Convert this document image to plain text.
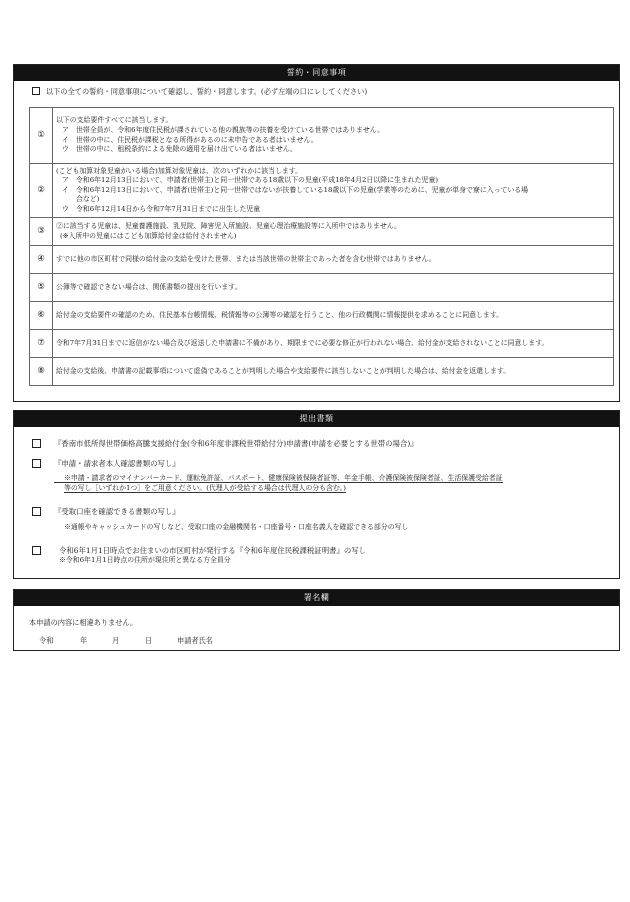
誓約・同意事項
以下の全ての誓約・同意事項について確認し、誓約・同意します。(必ず左端の口にレしてください)
①	以下の支給要件すべてに該当します。
ア 世帯全員が、令和6年度住民税が課されている他の親族等の扶養を受けている世帯ではありません。
イ 世帯の中に、住民税が課税となる所得があるのに未申告である者はいません。
ウ 世帯の中に、租税条約による免除の適用を届け出ている者はいません。

②	(こども加算対象児童がいる場合)加算対象児童は、次のいずれかに該当します。
ア 令和6年12月13日において、申請者(世帯主)と同一世帯である18歳以下の児童(平成18年4月2日以降に生まれた児童)
イ 令和6年12月13日において、申請者(世帯主)と同一世帯ではないが扶養している18歳以下の児童(学業等のために、児童が単身で寮に入っている場
合など)
ウ 令和6年12月14日から令和7年7月31日までに出生した児童

③	②に該当する児童は、児童養護施設、乳児院、障害児入所施設、児童心理治療施設等に入所中ではありません。
(※入所中の児童にはこども加算給付金は給付されません)
④	すでに他の市区町村で同様の給付金の支給を受けた世帯、または当該世帯の世帯主であった者を含む世帯ではありません。
⑤	公簿等で確認できない場合は、関係書類の提出を行います。
⑥	給付金の支給要件の確認のため、住民基本台帳情報、税情報等の公簿等の確認を行うこと、他の行政機関に情報提供を求めることに同意します。
⑦	令和7年7月31日までに返信がない場合及び返送した申請書に不備があり、期限までに必要な修正が行われない場合、給付金が支給されないことに同意します。
⑧	給付金の支給後、申請書の記載事項について虚偽であることが判明した場合や支給要件に該当しないことが判明した場合は、給付金を返還します。
提出書類
『香南市低所得世帯価格高騰支援給付金(令和6年度非課税世帯給付分)申請書(申請を必要とする世帯の場合)』
『申請・請求者本人確認書類の写し』
※申請・請求者のマイナンバーカード、運転免許証、パスポート、健康保険被保険者証等、年金手帳、介護保険被保険者証、生活保護受給者証
等の写し［いずれか1つ］をご用意ください。(代理人が受給する場合は代理人の分も含む。)
『受取口座を確認できる書類の写し』
※通帳やキャッシュカードの写しなど、受取口座の金融機関名・口座番号・口座名義人を確認できる部分の写し
令和6年1月1日時点でお住まいの市区町村が発行する『令和6年度住民税課税証明書』の写し
※令和6年1月1日時点の住所が現住所と異なる方全員分
署名欄
本申請の内容に相違ありません。
令和	年	月	日	申請者氏名
